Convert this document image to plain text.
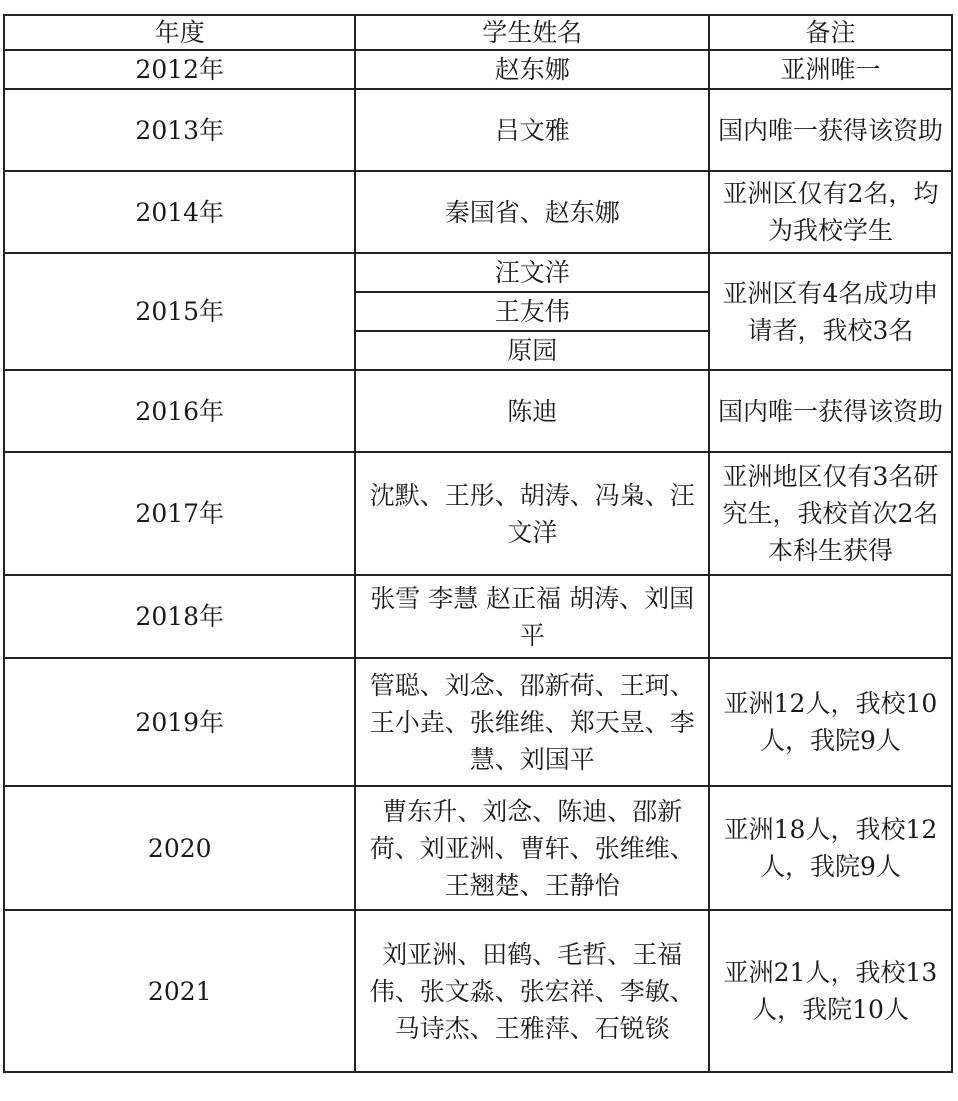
年度	学生姓名	备注
2012年	赵东娜	亚洲唯一
2013年	吕文雅	国内唯一获得该资助
2014年	秦国省、赵东娜	亚洲区仅有2名，均为我校学生
2015年	汪文洋	亚洲区有4名成功申请者，我校3名
	王友伟	
	原园	
2016年	陈迪	国内唯一获得该资助
2017年	沈默、王彤、胡涛、冯枭、汪文洋	亚洲地区仅有3名研究生，我校首次2名本科生获得
2018年	张雪 李慧 赵正福 胡涛、刘国平	
2019年	管聪、刘念、邵新荷、王珂、王小垚、张维维、郑天昱、李慧、刘国平	亚洲12人，我校10人，我院9人
2020	曹东升、刘念、陈迪、邵新荷、刘亚洲、曹轩、张维维、王翘楚、王静怡	亚洲18人，我校12人，我院9人
2021	刘亚洲、田鹤、毛哲、王福伟、张文淼、张宏祥、李敏、马诗杰、王雅萍、石锐锬	亚洲21人，我校13人，我院10人
